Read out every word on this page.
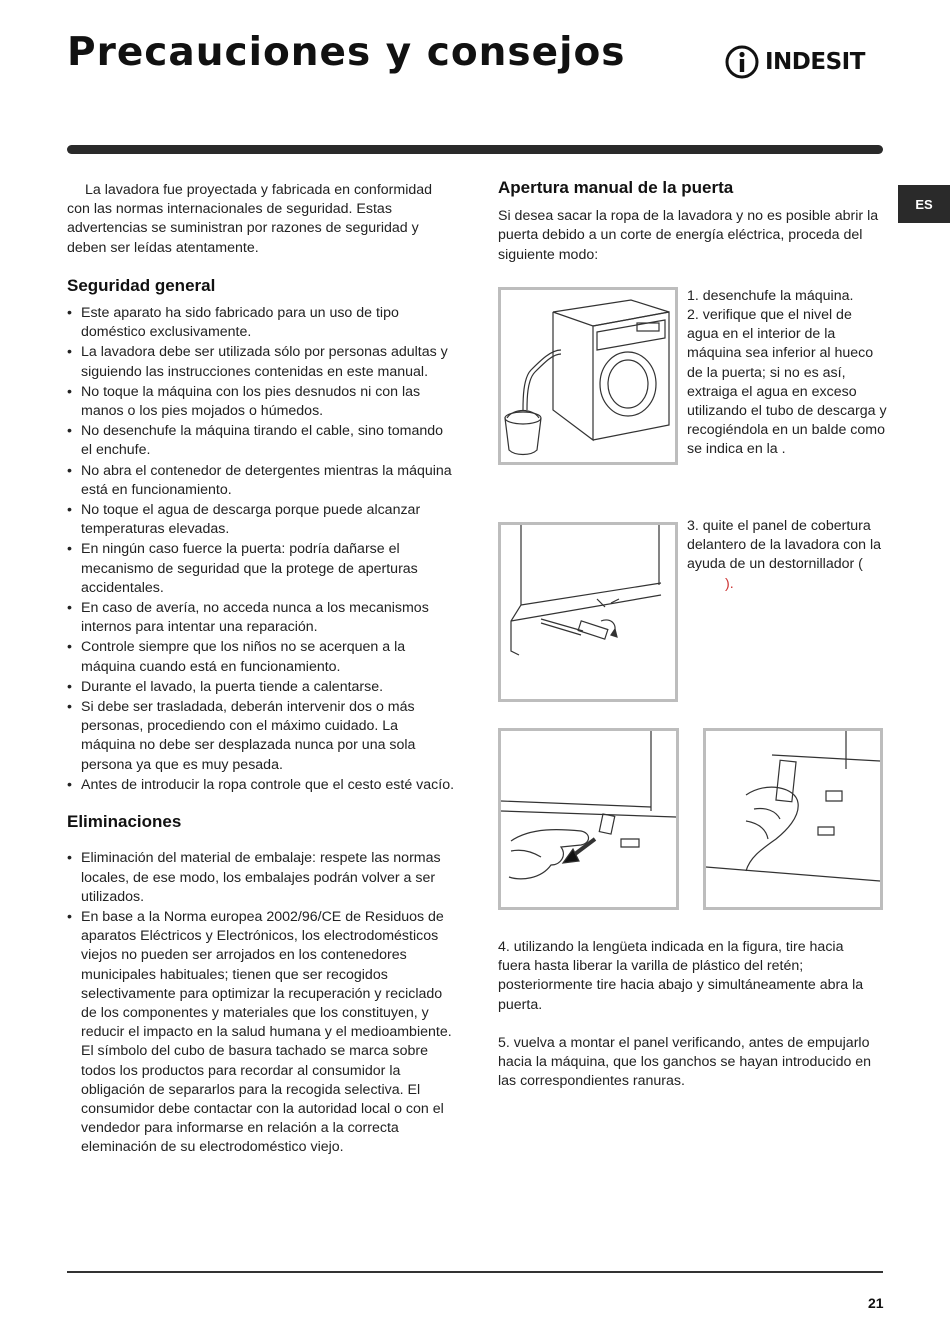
Precauciones y consejos	INDESIT
ES

La lavadora fue proyectada y fabricada en conformidad con las normas internacionales de seguridad. Estas advertencias se suministran por razones de seguridad y deben ser leídas atentamente.

Seguridad general
• Este aparato ha sido fabricado para un uso de tipo doméstico exclusivamente.
• La lavadora debe ser utilizada sólo por personas adultas y siguiendo las instrucciones contenidas en este manual.
• No toque la máquina con los pies desnudos ni con las manos o los pies mojados o húmedos.
• No desenchufe la máquina tirando el cable, sino tomando el enchufe.
• No abra el contenedor de detergentes mientras la máquina está en funcionamiento.
• No toque el agua de descarga porque puede alcanzar temperaturas elevadas.
• En ningún caso fuerce la puerta: podría dañarse el mecanismo de seguridad que la protege de aperturas accidentales.
• En caso de avería, no acceda nunca a los mecanismos internos para intentar una reparación.
• Controle siempre que los niños no se acerquen a la máquina cuando está en funcionamiento.
• Durante el lavado, la puerta tiende a calentarse.
• Si debe ser trasladada, deberán intervenir dos o más personas, procediendo con el máximo cuidado. La máquina no debe ser desplazada nunca por una sola persona ya que es muy pesada.
• Antes de introducir la ropa controle que el cesto esté vacío.
Eliminaciones
• Eliminación del material de embalaje: respete las normas locales, de ese modo, los embalajes podrán volver a ser utilizados.
• En base a la Norma europea 2002/96/CE de Residuos de aparatos Eléctricos y Electrónicos, los electrodomésticos viejos no pueden ser arrojados en los contenedores municipales habituales; tienen que ser recogidos selectivamente para optimizar la recuperación y reciclado de los componentes y materiales que los constituyen, y reducir el impacto en la salud humana y el medioambiente. El símbolo del cubo de basura tachado se marca sobre todos los productos para recordar al consumidor la obligación de separarlos para la recogida selectiva. El consumidor debe contactar con la autoridad local o con el vendedor para informarse en relación a la correcta eleminación de su electrodoméstico viejo.
Apertura manual de la puerta

Si desea sacar la ropa de la lavadora y no es posible abrir la puerta debido a un corte de energía eléctrica, proceda del siguiente modo:

1. desenchufe la máquina.
2. verifique que el nivel de agua en el interior de la máquina sea inferior al hueco de la puerta; si no es así, extraiga el agua en exceso utilizando el tubo de descarga y recogiéndola en un balde como se indica en la .
3. quite el panel de cobertura delantero de la lavadora con la ayuda de un destornillador (
).
4. utilizando la lengüeta indicada en la figura, tire hacia fuera hasta liberar la varilla de plástico del retén; posteriormente tire hacia abajo y simultáneamente abra la puerta.
5. vuelva a montar el panel verificando, antes de empujarlo hacia la máquina, que los ganchos se hayan introducido en las correspondientes ranuras.
21
